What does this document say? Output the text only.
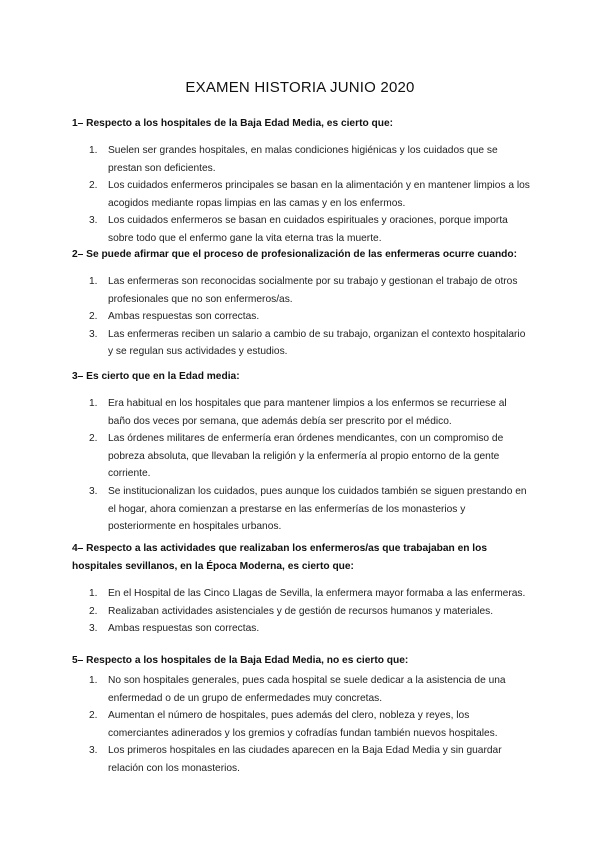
EXAMEN HISTORIA JUNIO 2020

1– Respecto a los hospitales de la Baja Edad Media, es cierto que:

1. Suelen ser grandes hospitales, en malas condiciones higiénicas y los cuidados que se prestan son deficientes.
2. Los cuidados enfermeros principales se basan en la alimentación y en mantener limpios a los acogidos mediante ropas limpias en las camas y en los enfermos.
3. Los cuidados enfermeros se basan en cuidados espirituales y oraciones, porque importa sobre todo que el enfermo gane la vita eterna tras la muerte.

2– Se puede afirmar que el proceso de profesionalización de las enfermeras ocurre cuando:

1. Las enfermeras son reconocidas socialmente por su trabajo y gestionan el trabajo de otros profesionales que no son enfermeros/as.
2. Ambas respuestas son correctas.
3. Las enfermeras reciben un salario a cambio de su trabajo, organizan el contexto hospitalario y se regulan sus actividades y estudios.

3– Es cierto que en la Edad media:

1. Era habitual en los hospitales que para mantener limpios a los enfermos se recurriese al baño dos veces por semana, que además debía ser prescrito por el médico.
2. Las órdenes militares de enfermería eran órdenes mendicantes, con un compromiso de pobreza absoluta, que llevaban la religión y la enfermería al propio entorno de la gente corriente.
3. Se institucionalizan los cuidados, pues aunque los cuidados también se siguen prestando en el hogar, ahora comienzan a prestarse en las enfermerías de los monasterios y posteriormente en hospitales urbanos.

4– Respecto a las actividades que realizaban los enfermeros/as que trabajaban en los hospitales sevillanos, en la Época Moderna, es cierto que:

1. En el Hospital de las Cinco Llagas de Sevilla, la enfermera mayor formaba a las enfermeras.
2. Realizaban actividades asistenciales y de gestión de recursos humanos y materiales.
3. Ambas respuestas son correctas.

5– Respecto a los hospitales de la Baja Edad Media, no es cierto que:

1. No son hospitales generales, pues cada hospital se suele dedicar a la asistencia de una enfermedad o de un grupo de enfermedades muy concretas.
2. Aumentan el número de hospitales, pues además del clero, nobleza y reyes, los comerciantes adinerados y los gremios y cofradías fundan también nuevos hospitales.
3. Los primeros hospitales en las ciudades aparecen en la Baja Edad Media y sin guardar relación con los monasterios.
